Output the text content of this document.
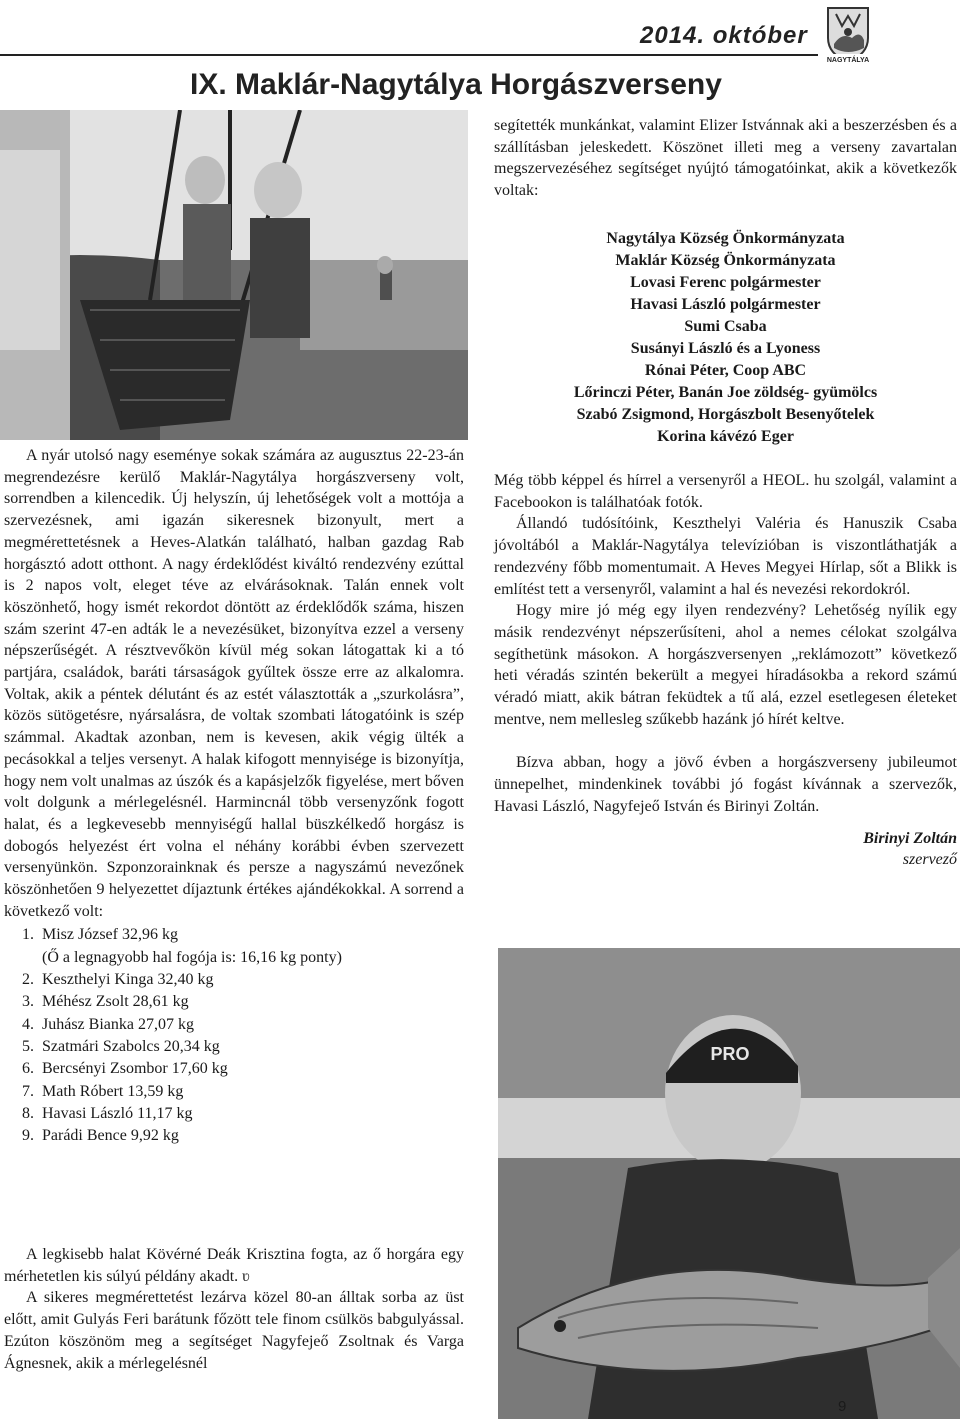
2014. október
NAGYTÁLYA
IX. Maklár-Nagytálya Horgászverseny

A nyár utolsó nagy eseménye sokak számára az augusztus 22-23-án megrendezésre kerülő Maklár-Nagytálya horgászverseny volt, sorrendben a kilencedik. Új helyszín, új lehetőségek volt a mottója a szervezésnek, ami igazán sikeresnek bizonyult, mert a megmérettetésnek a Heves-Alatkán található, halban gazdag Rab horgásztó adott otthont. A nagy érdeklődést kiváltó rendezvény ezúttal is 2 napos volt, eleget téve az elvárásoknak. Talán ennek volt köszönhető, hogy ismét rekordot döntött az érdeklődők száma, hiszen szám szerint 47-en adták le a nevezésüket, bizonyítva ezzel a verseny népszerűségét. A résztvevőkön kívül még sokan látogattak ki a tó partjára, családok, baráti társaságok gyűltek össze erre az alkalomra. Voltak, akik a péntek délutánt és az estét választották a „szurkolásra”, közös sütögetésre, nyársalásra, de voltak szombati látogatóink is szép számmal. Akadtak azonban, nem is kevesen, akik végig ülték a pecásokkal a teljes versenyt. A halak kifogott mennyisége is bizonyítja, hogy nem volt unalmas az úszók és a kapásjelzők figyelése, mert bőven volt dolgunk a mérlegelésnél. Harmincnál több versenyzőnk fogott halat, és a legkevesebb mennyiségű hallal büszkélkedő horgász is dobogós helyezést ért volna el néhány korábbi évben szervezett versenyünkön. Szponzorainknak és persze a nagyszámú nevezőnek köszönhetően 9 helyezettet díjaztunk értékes ajándékokkal. A sorrend a következő volt:

1. Misz József 32,96 kg
(Ő a legnagyobb hal fogója is: 16,16 kg ponty)
2. Keszthelyi Kinga 32,40 kg
3. Méhész Zsolt 28,61 kg
4. Juhász Bianka 27,07 kg
5. Szatmári Szabolcs 20,34 kg
6. Bercsényi Zsombor 17,60 kg
7. Math Róbert 13,59 kg
8. Havasi László 11,17 kg
9. Parádi Bence 9,92 kg

A legkisebb halat Kövérné Deák Krisztina fogta, az ő horgára egy mérhetetlen kis súlyú példány akadt. ʋ

A sikeres megmérettetést lezárva közel 80-an álltak sorba az üst előtt, amit Gulyás Feri barátunk főzött tele finom csülkös babgulyással. Ezúton köszönöm meg a segítséget Nagyfejeő Zsoltnak és Varga Ágnesnek, akik a mérlegelésnél

segítették munkánkat, valamint Elizer Istvánnak aki a beszerzésben és a szállításban jeleskedett. Köszönet illeti meg a verseny zavartalan megszervezéséhez segítséget nyújtó támogatóinkat, akik a következők voltak:

Nagytálya Község Önkormányzata
Maklár Község Önkormányzata
Lovasi Ferenc polgármester
Havasi László polgármester
Sumi Csaba
Susányi László és a Lyoness
Rónai Péter, Coop ABC
Lőrinczi Péter, Banán Joe zöldség- gyümölcs
Szabó Zsigmond, Horgászbolt Besenyőtelek
Korina kávézó Eger

Még több képpel és hírrel a versenyről a HEOL. hu szolgál, valamint a Facebookon is találhatóak fotók.

Állandó tudósítóink, Keszthelyi Valéria és Hanuszik Csaba jóvoltából a Maklár-Nagytálya televízióban is viszontláthatják a rendezvény főbb momentumait. A Heves Megyei Hírlap, sőt a Blikk is említést tett a versenyről, valamint a hal és nevezési rekordokról.

Hogy mire jó még egy ilyen rendezvény? Lehetőség nyílik egy másik rendezvényt népszerűsíteni, ahol a nemes célokat szolgálva segíthetünk másokon. A horgászversenyen „reklámozott” következő heti véradás szintén bekerült a megyei híradásokba a rekord számú véradó miatt, akik bátran feküdtek a tű alá, ezzel esetlegesen életeket mentve, nem mellesleg szűkebb hazánk jó hírét keltve.

Bízva abban, hogy a jövő évben a horgászverseny jubileumot ünnepelhet, mindenkinek további jó fogást kívánnak a szervezők, Havasi László, Nagyfejeő István és Birinyi Zoltán.

Birinyi Zoltán
szervező
PRO
9
